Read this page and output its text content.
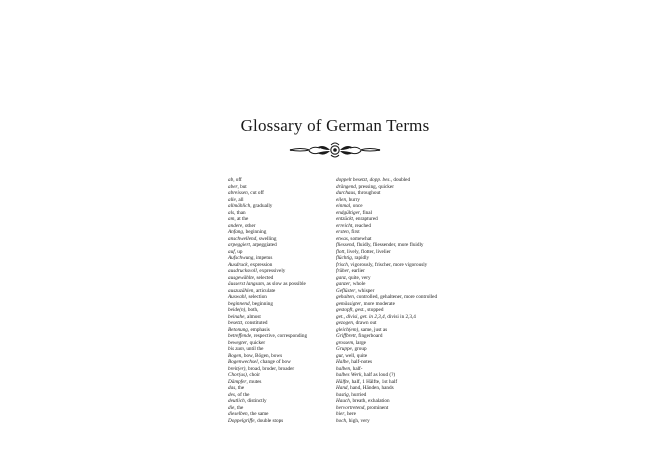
Glossary of German Terms
ab, off
aber, but
abreissen, cut off
alle, all
allmählich, gradually
als, than
am, at the
andere, other
Anfang, beginning
anschwellend, swelling
arpeggiert, arpeggiated
auf, up
Aufschwung, impetus
Ausdruck, expression
ausdrucksvoll, expressively
ausgewählte, selected
äusserst langsam, as slow as possible
auszuzählen, articulate
Auswahl, selection
beginnend, beginning
beide(n), both,
beinahe, almost
besetzt, constituted
Betonung, emphasis
betreffende, respective, corresponding
bewegter, quicker
bis zum, until the
Bogen, bow, Bögen, bows
Bogenwechsel, change of bow
breit(er), broad, broder, broader
Chor(us), choir
Dämpfer, mutes
das, the
des, of the
deutlich, distinctly
die, the
dieselben, the same
Doppelgriffe, double stops
doppelt besetzt, dopp. bes., doubled
drängend, pressing, quicker
durchaus, throughout
eilen, hurry
einmal, once
endgültiger, final
entzückt, enraptured
erreicht, reached
ersten, first
etwas, somewhat
fliessend, fluidly, fliessender, more fluidly
flott, lively, flotter, livelier
flüchtig, rapidly
frisch, vigorously, frischer, more vigorously
früher, earlier
ganz, quite, very
ganzer, whole
Geflüster, whisper
gehalten, controlled, gehaltener, more controlled
gemässigter, more moderate
gestopft, gest., stopped
get., divisi, get. in 2,3,4, divisi in 2,3,4
gezogen, drawn out
gleich(em), same, just as
Griffbrett, fingerboard
grossem, large
Gruppe, group
gut, well, quite
Halbe, half-notes
halben, half-
halbes Werk, half as loud (?)
Hälfte, half, 1 Hälfte, 1st half
Hand, hand, Händen, hands
hastig, hurried
Hauch, breath, exhalation
hervortretend, prominent
hier, here
hoch, high, very
